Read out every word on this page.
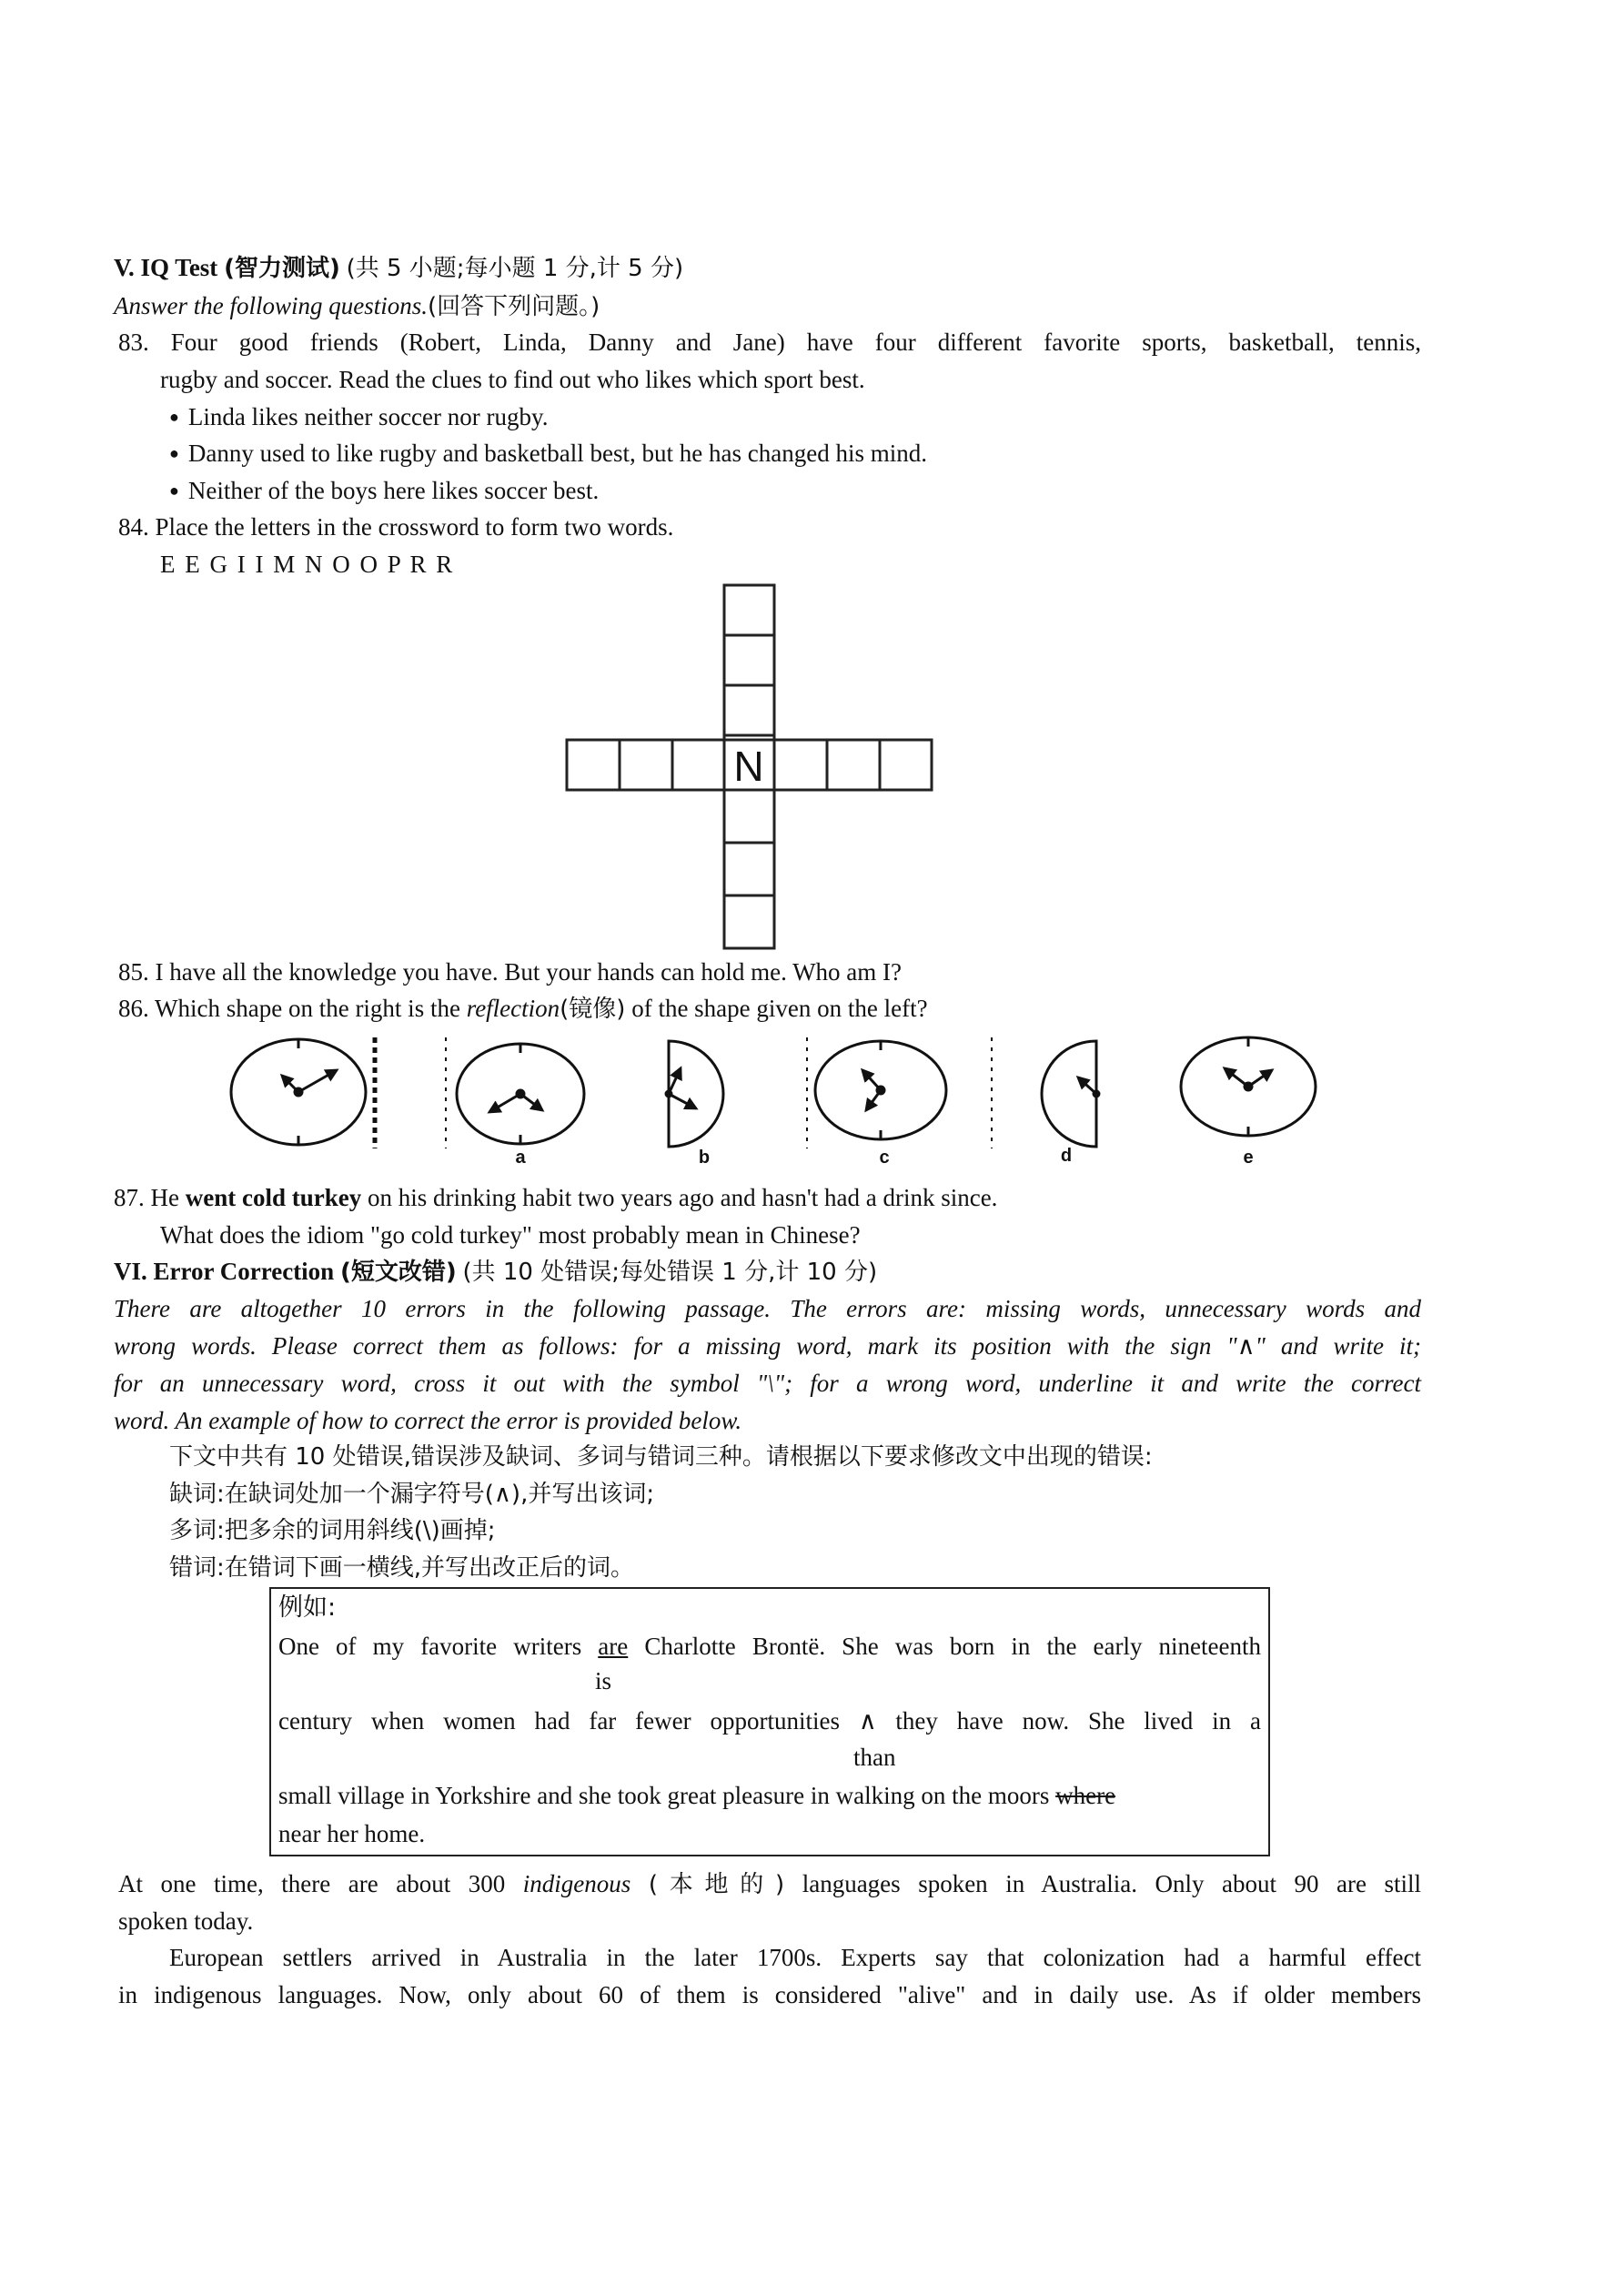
V. IQ Test (智力测试) (共 5 小题;每小题 1 分,计 5 分)
Answer the following questions.(回答下列问题。)
83. Four good friends (Robert, Linda, Danny and Jane) have four different favorite sports, basketball, tennis,
rugby and soccer. Read the clues to find out who likes which sport best.
● Linda likes neither soccer nor rugby.
● Danny used to like rugby and basketball best, but he has changed his mind.
● Neither of the boys here likes soccer best.
84. Place the letters in the crossword to form two words.
E E G I I M N O O P R R
N
85. I have all the knowledge you have. But your hands can hold me. Who am I?
86. Which shape on the right is the reflection(镜像) of the shape given on the left?
a	b	c	d	e
87. He went cold turkey on his drinking habit two years ago and hasn't had a drink since.
What does the idiom "go cold turkey" most probably mean in Chinese?
VI. Error Correction (短文改错) (共 10 处错误;每处错误 1 分,计 10 分)
There are altogether 10 errors in the following passage. The errors are: missing words, unnecessary words and
wrong words. Please correct them as follows: for a missing word, mark its position with the sign "∧" and write it;
for an unnecessary word, cross it out with the symbol "\"; for a wrong word, underline it and write the correct
word. An example of how to correct the error is provided below.
下文中共有 10 处错误,错误涉及缺词、多词与错词三种。请根据以下要求修改文中出现的错误:
缺词:在缺词处加一个漏字符号(∧),并写出该词;
多词:把多余的词用斜线(\)画掉;
错词:在错词下画一横线,并写出改正后的词。
例如:
One of my favorite writers are Charlotte Brontë. She was born in the early nineteenth
is
century when women had far fewer opportunities ∧ they have now. She lived in a
than
small village in Yorkshire and she took great pleasure in walking on the moors where
near her home.
At one time, there are about 300 indigenous (本地的) languages spoken in Australia. Only about 90 are still
spoken today.
European settlers arrived in Australia in the later 1700s. Experts say that colonization had a harmful effect
in indigenous languages. Now, only about 60 of them is considered "alive" and in daily use. As if older members
